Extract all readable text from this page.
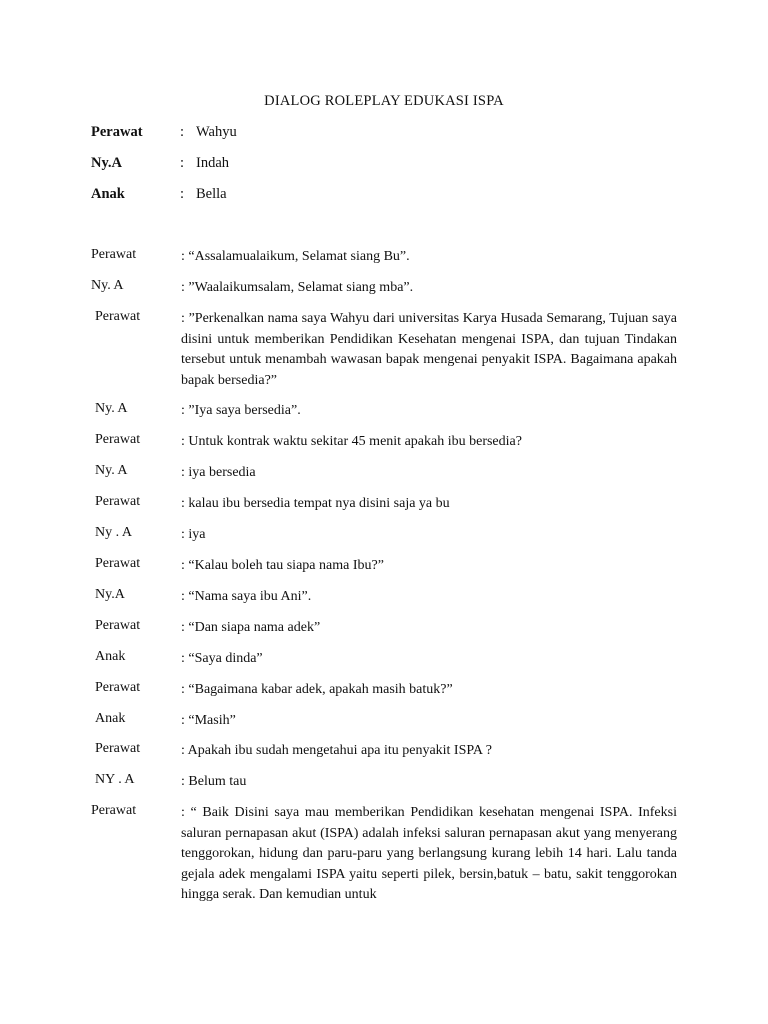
DIALOG ROLEPLAY EDUKASI ISPA
Perawat	: Wahyu
Ny.A	: Indah
Anak	: Bella
Perawat	: “Assalamualaikum, Selamat siang Bu”.
Ny. A	: ”Waalaikumsalam, Selamat siang mba”.
Perawat	: ”Perkenalkan nama saya Wahyu dari universitas Karya Husada Semarang, Tujuan saya disini untuk memberikan Pendidikan Kesehatan mengenai ISPA, dan tujuan Tindakan tersebut untuk menambah wawasan bapak mengenai penyakit ISPA. Bagaimana apakah bapak bersedia?”
Ny. A	: ”Iya saya bersedia”.
Perawat	: Untuk kontrak waktu sekitar 45 menit apakah ibu bersedia?
Ny. A	: iya bersedia
Perawat	: kalau ibu bersedia tempat nya disini saja ya bu
Ny . A	: iya
Perawat	: “Kalau boleh tau siapa nama Ibu?”
Ny.A	: “Nama saya ibu Ani”.
Perawat	: “Dan siapa nama adek”
Anak	: “Saya dinda”
Perawat	: “Bagaimana kabar adek, apakah masih batuk?”
Anak	: “Masih”
Perawat	: Apakah ibu sudah mengetahui apa itu penyakit ISPA ?
NY . A	: Belum tau
Perawat	: “ Baik Disini saya mau memberikan Pendidikan kesehatan mengenai ISPA. Infeksi saluran pernapasan akut (ISPA) adalah infeksi saluran pernapasan akut yang menyerang tenggorokan, hidung dan paru-paru yang berlangsung kurang lebih 14 hari. Lalu tanda gejala adek mengalami ISPA yaitu seperti pilek, bersin,batuk – batu, sakit tenggorokan hingga serak. Dan kemudian untuk
